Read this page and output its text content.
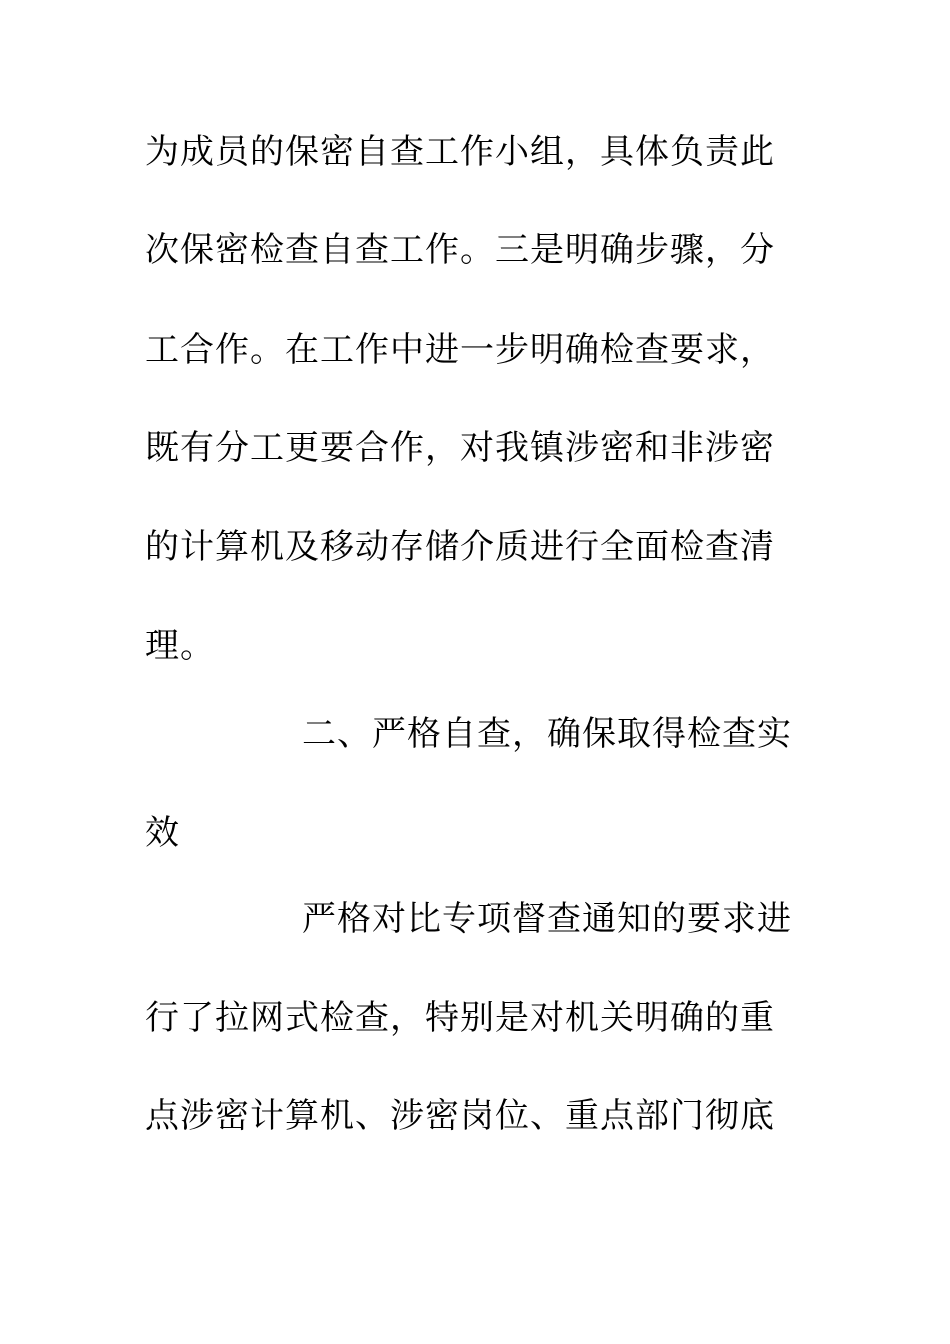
为成员的保密自查工作小组，具体负责此
次保密检查自查工作。三是明确步骤，分
工合作。在工作中进一步明确检查要求，
既有分工更要合作，对我镇涉密和非涉密
的计算机及移动存储介质进行全面检查清
理。
二、严格自查，确保取得检查实
效
严格对比专项督查通知的要求进
行了拉网式检查，特别是对机关明确的重
点涉密计算机、涉密岗位、重点部门彻底
